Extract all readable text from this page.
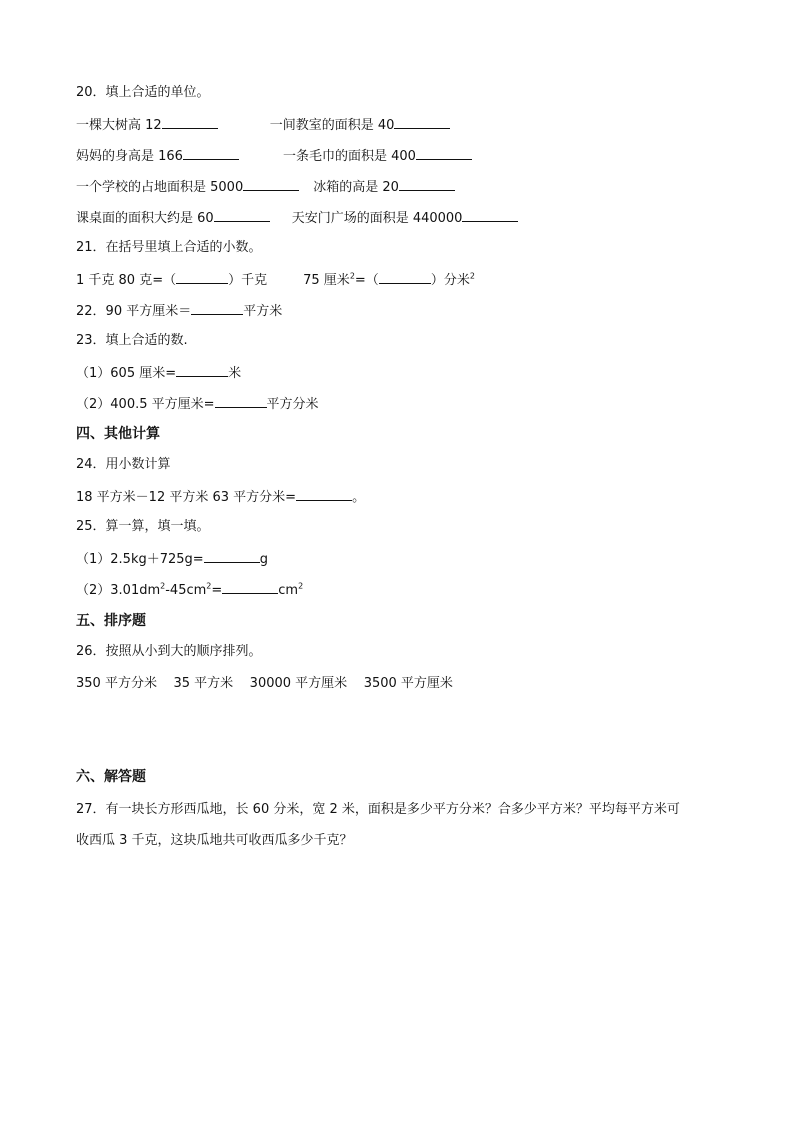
20．填上合适的单位。
一棵大树高 12	一间教室的面积是 40
妈妈的身高是 166	一条毛巾的面积是 400
一个学校的占地面积是 5000	冰箱的高是 20
课桌面的面积大约是 60	天安门广场的面积是 440000
21．在括号里填上合适的小数。
1 千克 80 克=（	）千克	75 厘米$^2$=（	）分米$^2$
22．90 平方厘米＝	平方米
23．填上合适的数.
（1）605 厘米=	米
（2）400.5 平方厘米=	平方分米
四、其他计算
24．用小数计算
18 平方米－12 平方米 63 平方分米=	。
25．算一算，填一填。
（1）2.5kg＋725g=	g
$(2)3.01dm^2-45cm^2=$	$cm^2$
五、排序题
26．按照从小到大的顺序排列。
350 平方分米    35 平方米    30000 平方厘米    3500 平方厘米
六、解答题
27．有一块长方形西瓜地，长 60 分米，宽 2 米，面积是多少平方分米？合多少平方米？平均每平方米可
收西瓜 3 千克，这块瓜地共可收西瓜多少千克？
